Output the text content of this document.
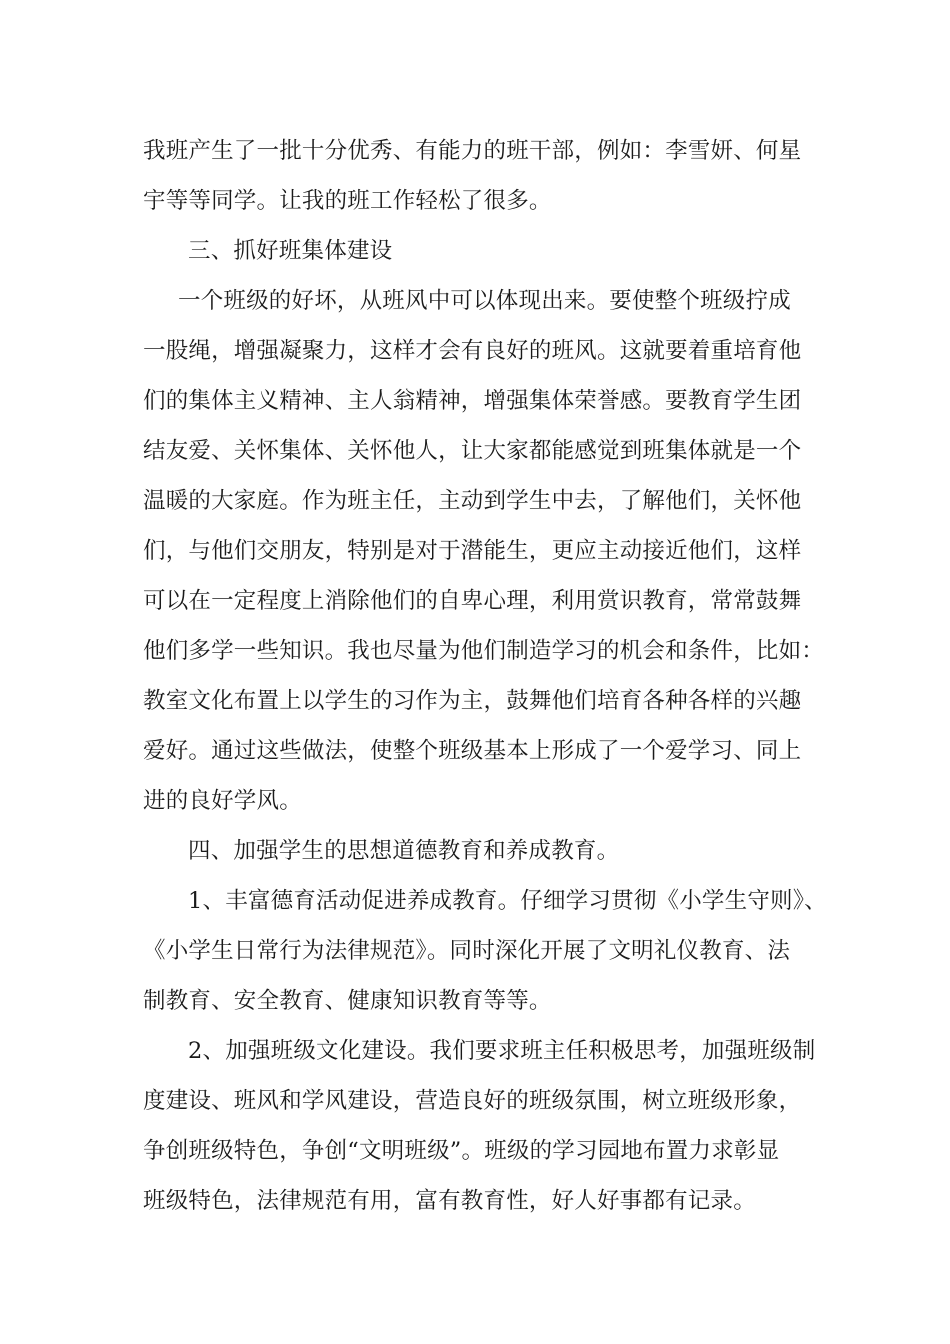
我班产生了一批十分优秀、有能力的班干部，例如：李雪妍、何星

宇等等同学。让我的班工作轻松了很多。

三、抓好班集体建设

一个班级的好坏，从班风中可以体现出来。要使整个班级拧成

一股绳，增强凝聚力，这样才会有良好的班风。这就要着重培育他

们的集体主义精神、主人翁精神，增强集体荣誉感。要教育学生团

结友爱、关怀集体、关怀他人，让大家都能感觉到班集体就是一个

温暖的大家庭。作为班主任，主动到学生中去，了解他们，关怀他

们，与他们交朋友，特别是对于潜能生，更应主动接近他们，这样

可以在一定程度上消除他们的自卑心理，利用赏识教育，常常鼓舞

他们多学一些知识。我也尽量为他们制造学习的机会和条件，比如：

教室文化布置上以学生的习作为主，鼓舞他们培育各种各样的兴趣

爱好。通过这些做法，使整个班级基本上形成了一个爱学习、同上

进的良好学风。

四、加强学生的思想道德教育和养成教育。

1、丰富德育活动促进养成教育。仔细学习贯彻《小学生守则》、

《小学生日常行为法律规范》。同时深化开展了文明礼仪教育、法

制教育、安全教育、健康知识教育等等。

2、加强班级文化建设。我们要求班主任积极思考，加强班级制

度建设、班风和学风建设，营造良好的班级氛围，树立班级形象，

争创班级特色，争创“文明班级”。班级的学习园地布置力求彰显

班级特色，法律规范有用，富有教育性，好人好事都有记录。
